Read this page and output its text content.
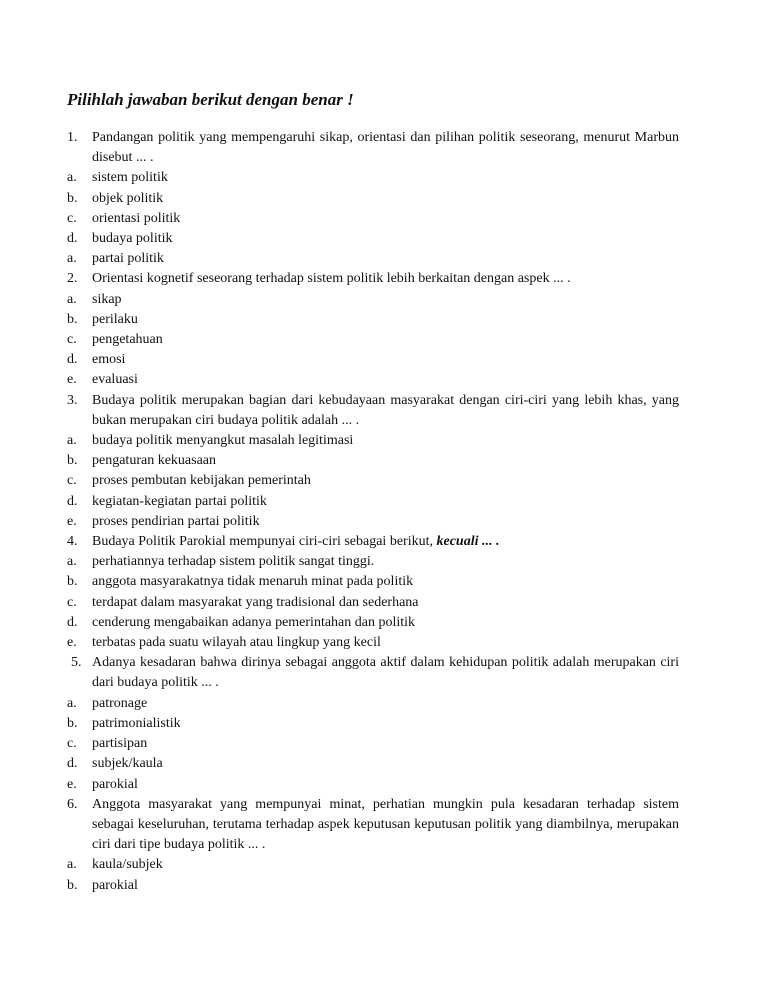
Pilihlah jawaban berikut dengan benar !
1.	Pandangan politik yang mempengaruhi sikap, orientasi dan pilihan politik seseorang, menurut Marbun disebut ... .
a.	sistem politik
b.	objek politik
c.	orientasi politik
d.	budaya politik
a.	partai politik
2.	Orientasi kognetif seseorang terhadap sistem politik lebih berkaitan dengan aspek ... .
a.	sikap
b.	perilaku
c.	pengetahuan
d.	emosi
e.	evaluasi
3.	Budaya politik merupakan bagian dari kebudayaan masyarakat dengan ciri-ciri yang lebih khas, yang bukan merupakan ciri budaya politik adalah ... .
a.	budaya politik menyangkut masalah legitimasi
b.	pengaturan kekuasaan
c.	proses pembutan kebijakan pemerintah
d.	kegiatan-kegiatan partai politik
e.	proses pendirian partai politik
4.	Budaya Politik Parokial mempunyai ciri-ciri sebagai berikut, kecuali ... .
a.	perhatiannya terhadap sistem politik sangat tinggi.
b.	anggota masyarakatnya tidak menaruh minat pada politik
c.	terdapat dalam masyarakat yang tradisional dan sederhana
d.	cenderung mengabaikan adanya pemerintahan dan politik
e.	terbatas pada suatu wilayah atau lingkup yang kecil
5. Adanya kesadaran bahwa dirinya sebagai anggota aktif dalam kehidupan politik adalah merupakan ciri dari budaya politik ... .
a.	patronage
b.	patrimonialistik
c.	partisipan
d.	subjek/kaula
e.	parokial
6.	Anggota masyarakat yang mempunyai minat, perhatian mungkin pula kesadaran terhadap sistem sebagai keseluruhan, terutama terhadap aspek keputusan keputusan politik yang diambilnya, merupakan ciri dari tipe budaya politik ... .
a.	kaula/subjek
b.	parokial
